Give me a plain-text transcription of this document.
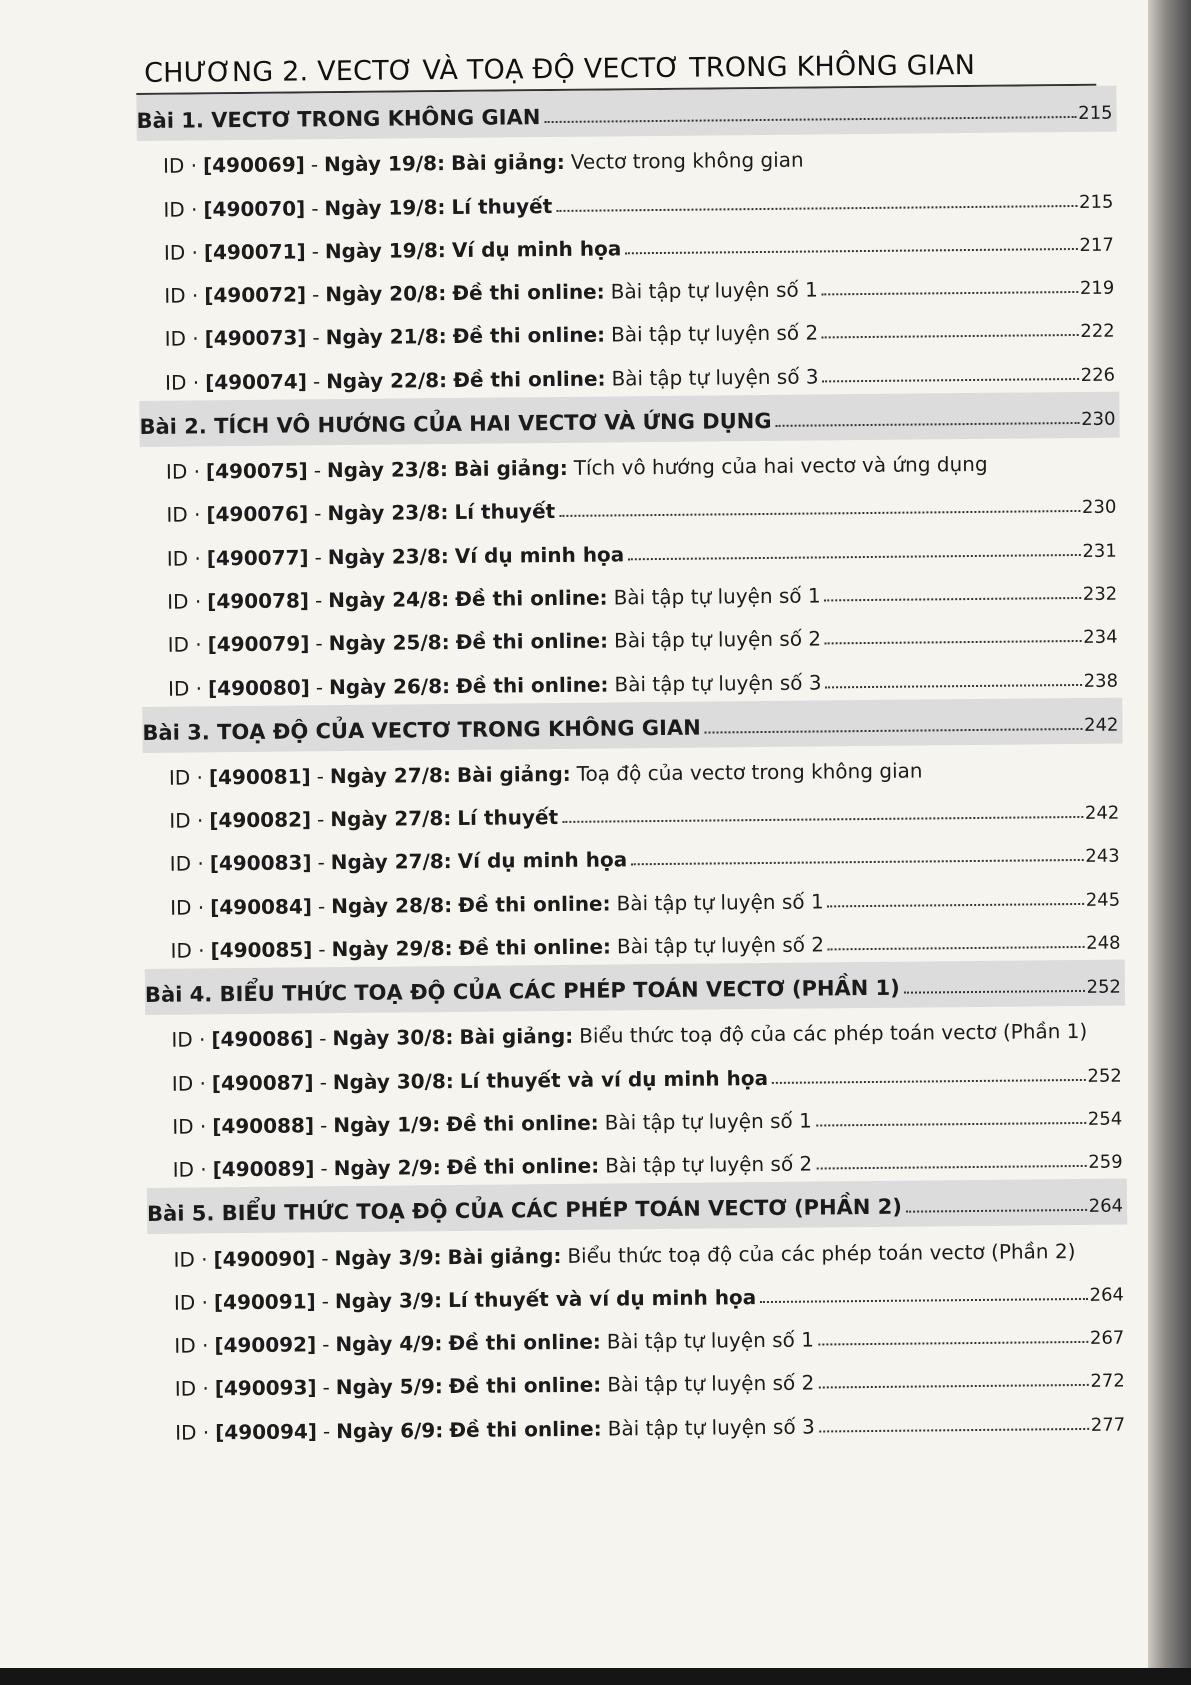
CHƯƠNG 2. VECTƠ VÀ TOẠ ĐỘ VECTƠ TRONG KHÔNG GIAN
Bài 1. VECTƠ TRONG KHÔNG GIAN	215
ID · [490069] - Ngày 19/8: Bài giảng: Vectơ trong không gian
ID · [490070] - Ngày 19/8: Lí thuyết	215
ID · [490071] - Ngày 19/8: Ví dụ minh họa	217
ID · [490072] - Ngày 20/8: Đề thi online: Bài tập tự luyện số 1	219
ID · [490073] - Ngày 21/8: Đề thi online: Bài tập tự luyện số 2	222
ID · [490074] - Ngày 22/8: Đề thi online: Bài tập tự luyện số 3	226
Bài 2. TÍCH VÔ HƯỚNG CỦA HAI VECTƠ VÀ ỨNG DỤNG	230
ID · [490075] - Ngày 23/8: Bài giảng: Tích vô hướng của hai vectơ và ứng dụng
ID · [490076] - Ngày 23/8: Lí thuyết	230
ID · [490077] - Ngày 23/8: Ví dụ minh họa	231
ID · [490078] - Ngày 24/8: Đề thi online: Bài tập tự luyện số 1	232
ID · [490079] - Ngày 25/8: Đề thi online: Bài tập tự luyện số 2	234
ID · [490080] - Ngày 26/8: Đề thi online: Bài tập tự luyện số 3	238
Bài 3. TOẠ ĐỘ CỦA VECTƠ TRONG KHÔNG GIAN	242
ID · [490081] - Ngày 27/8: Bài giảng: Toạ độ của vectơ trong không gian
ID · [490082] - Ngày 27/8: Lí thuyết	242
ID · [490083] - Ngày 27/8: Ví dụ minh họa	243
ID · [490084] - Ngày 28/8: Đề thi online: Bài tập tự luyện số 1	245
ID · [490085] - Ngày 29/8: Đề thi online: Bài tập tự luyện số 2	248
Bài 4. BIỂU THỨC TOẠ ĐỘ CỦA CÁC PHÉP TOÁN VECTƠ (PHẦN 1)	252
ID · [490086] - Ngày 30/8: Bài giảng: Biểu thức toạ độ của các phép toán vectơ (Phần 1)
ID · [490087] - Ngày 30/8: Lí thuyết và ví dụ minh họa	252
ID · [490088] - Ngày 1/9: Đề thi online: Bài tập tự luyện số 1	254
ID · [490089] - Ngày 2/9: Đề thi online: Bài tập tự luyện số 2	259
Bài 5. BIỂU THỨC TOẠ ĐỘ CỦA CÁC PHÉP TOÁN VECTƠ (PHẦN 2)	264
ID · [490090] - Ngày 3/9: Bài giảng: Biểu thức toạ độ của các phép toán vectơ (Phần 2)
ID · [490091] - Ngày 3/9: Lí thuyết và ví dụ minh họa	264
ID · [490092] - Ngày 4/9: Đề thi online: Bài tập tự luyện số 1	267
ID · [490093] - Ngày 5/9: Đề thi online: Bài tập tự luyện số 2	272
ID · [490094] - Ngày 6/9: Đề thi online: Bài tập tự luyện số 3	277
